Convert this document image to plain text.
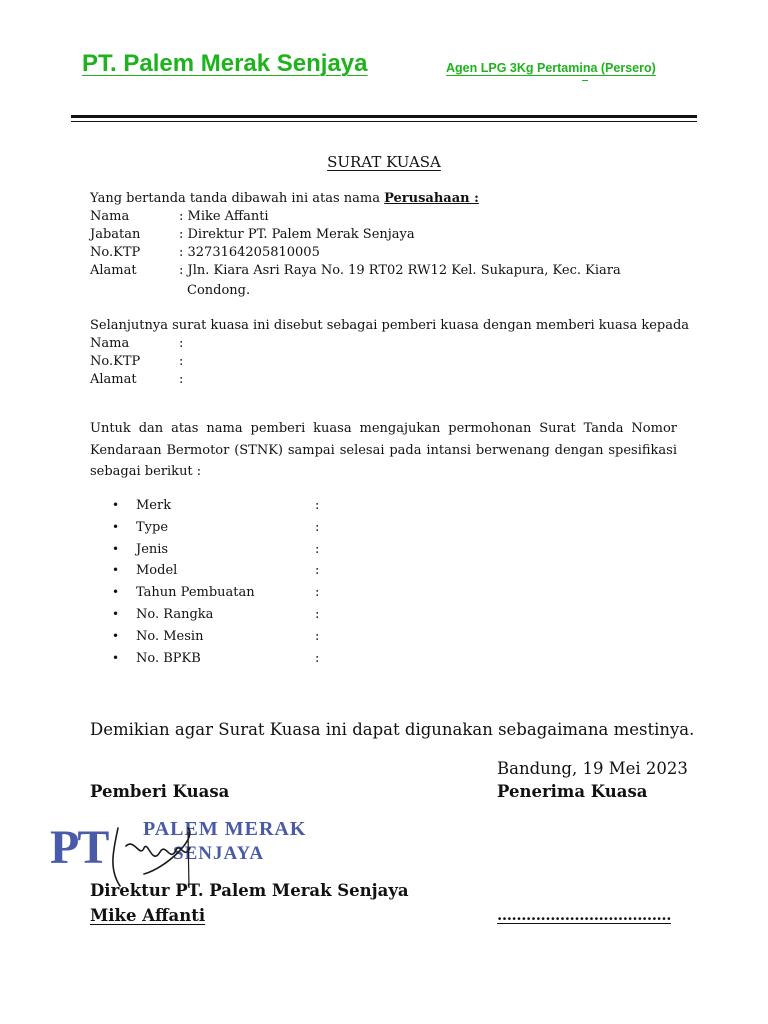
PT. Palem Merak Senjaya	Agen LPG 3Kg Pertamina (Persero)
SURAT KUASA
Yang bertanda tanda dibawah ini atas nama Perusahaan :
Nama	: Mike Affanti
Jabatan	: Direktur PT. Palem Merak Senjaya
No.KTP	: 3273164205810005
Alamat	: Jln. Kiara Asri Raya No. 19 RT02 RW12 Kel. Sukapura, Kec. Kiara
Condong.
Selanjutnya surat kuasa ini disebut sebagai pemberi kuasa dengan memberi kuasa kepada
Nama	:
No.KTP	:
Alamat	:
Untuk dan atas nama pemberi kuasa mengajukan permohonan Surat Tanda Nomor Kendaraan Bermotor (STNK) sampai selesai pada intansi berwenang dengan spesifikasi sebagai berikut :
• Merk	:
• Type	:
• Jenis	:
• Model	:
• Tahun Pembuatan	:
• No. Rangka	:
• No. Mesin	:
• No. BPKB	:
Demikian agar Surat Kuasa ini dapat digunakan sebagaimana mestinya.
Bandung, 19 Mei 2023
Pemberi Kuasa	Penerima Kuasa
PT PALEM MERAK
SENJAYA
Direktur PT. Palem Merak Senjaya
Mike Affanti	………………………………
